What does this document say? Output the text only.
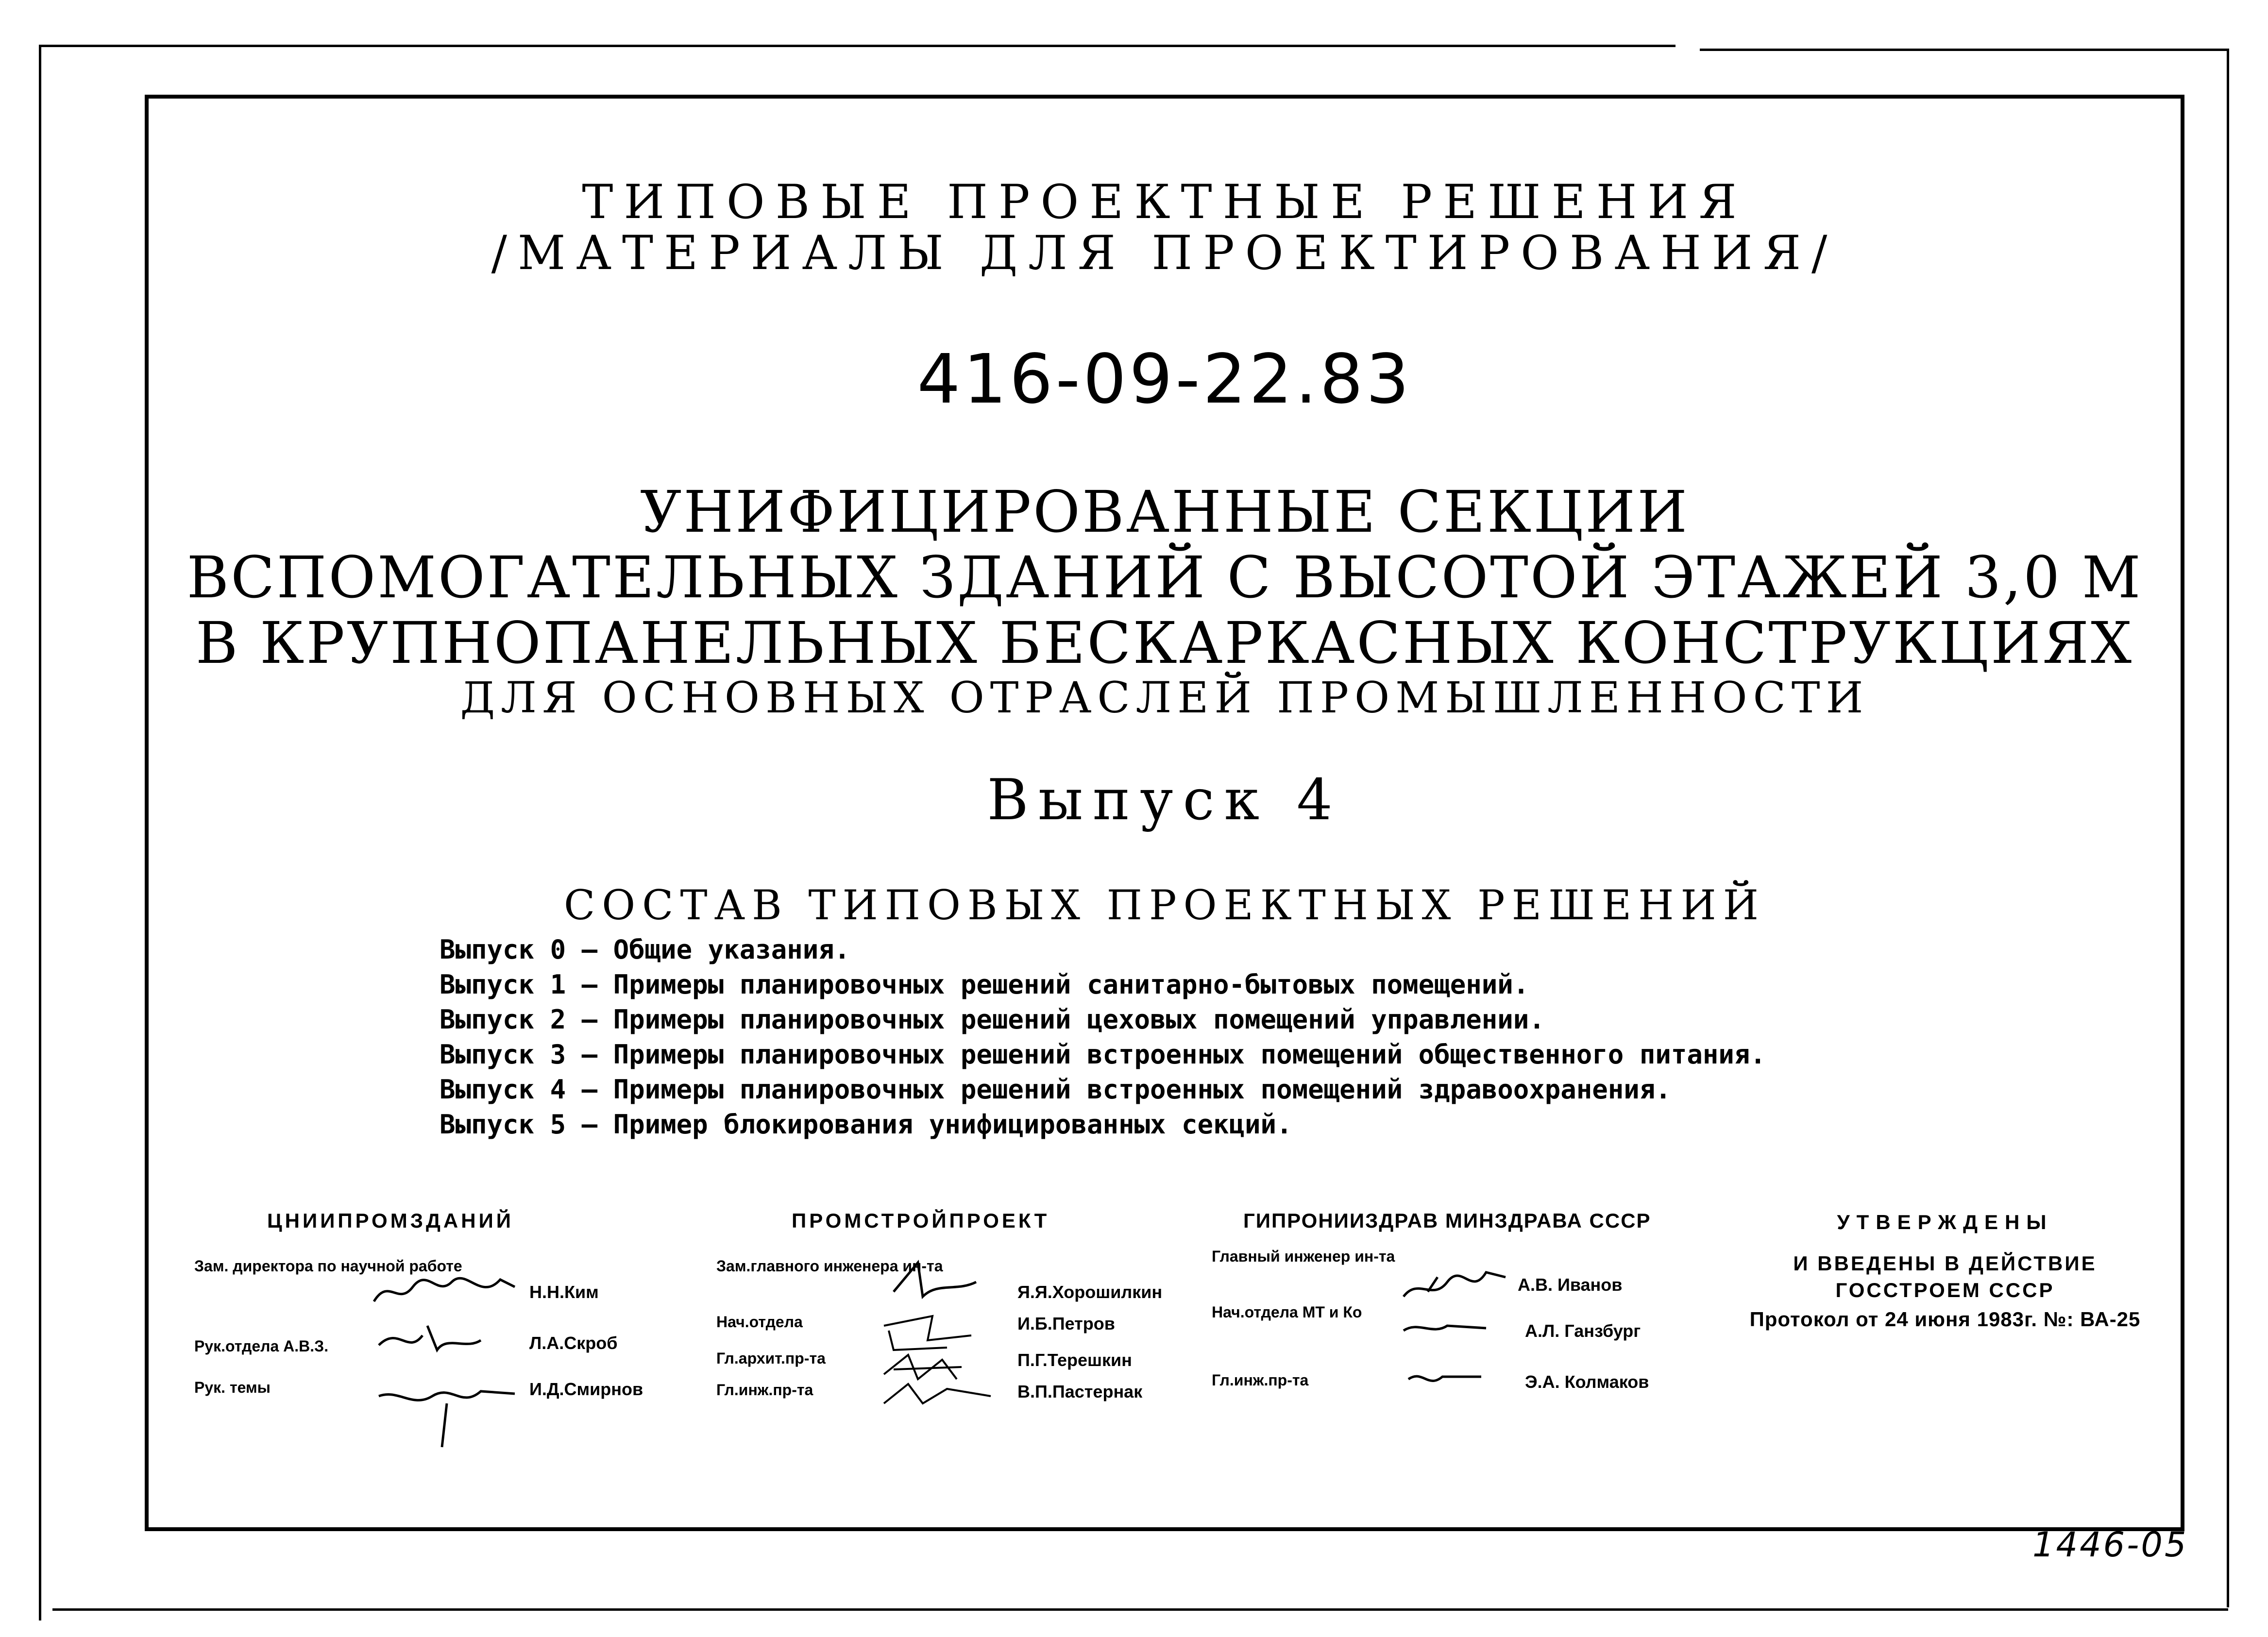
ТИПОВЫЕ ПРОЕКТНЫЕ РЕШЕНИЯ
/МАТЕРИАЛЫ ДЛЯ ПРОЕКТИРОВАНИЯ/
416-09-22.83
УНИФИЦИРОВАННЫЕ СЕКЦИИ
ВСПОМОГАТЕЛЬНЫХ ЗДАНИЙ С ВЫСОТОЙ ЭТАЖЕЙ 3,0 М
В КРУПНОПАНЕЛЬНЫХ БЕСКАРКАСНЫХ КОНСТРУКЦИЯХ
ДЛЯ ОСНОВНЫХ ОТРАСЛЕЙ ПРОМЫШЛЕННОСТИ
Выпуск 4
СОСТАВ ТИПОВЫХ ПРОЕКТНЫХ РЕШЕНИЙ
Выпуск 0 — Общие указания.
Выпуск 1 — Примеры планировочных решений санитарно-бытовых помещений.
Выпуск 2 — Примеры планировочных решений цеховых помещений управлении.
Выпуск 3 — Примеры планировочных решений встроенных помещений общественного питания.
Выпуск 4 — Примеры планировочных решений встроенных помещений здравоохранения.
Выпуск 5 — Пример блокирования унифицированных секций.
ЦНИИПРОМЗДАНИЙ
Зам. директора по научной работе
Рук.отдела А.В.З.
Рук. темы
Н.Н.Ким
Л.А.Скроб
И.Д.Смирнов
ПРОМСТРОЙПРОЕКТ
Зам.главного инженера ин-та
Нач.отдела
Гл.архит.пр-та
Гл.инж.пр-та
Я.Я.Хорошилкин
И.Б.Петров
П.Г.Терешкин
В.П.Пастернак
ГИПРОНИИЗДРАВ МИНЗДРАВА СССР
Главный инженер ин-та
Нач.отдела МТ и Ко
Гл.инж.пр-та
А.В. Иванов
А.Л. Ганзбург
Э.А. Колмаков
УТВЕРЖДЕНЫ
И ВВЕДЕНЫ В ДЕЙСТВИЕ
ГОССТРОЕМ СССР
Протокол от 24 июня 1983г. №: ВА-25
1446-05
